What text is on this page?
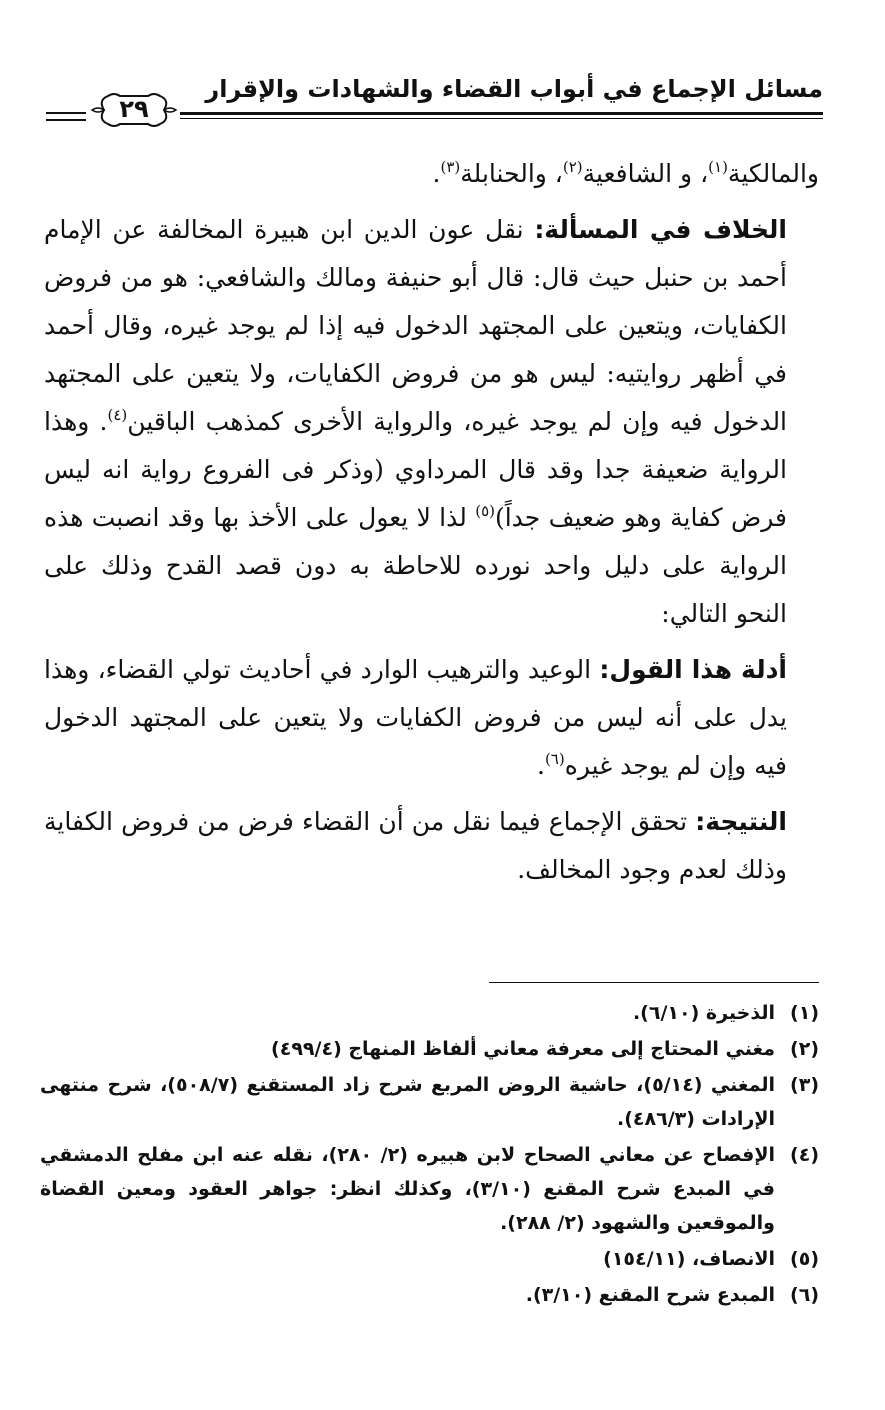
مسائل الإجماع في أبواب القضاء والشهادات والإقرار
٢٩

والمالكية$^{(١)}$، و الشافعية$^{(٢)}$، والحنابلة$^{(٣)}$.

الخلاف في المسألة: نقل عون الدين ابن هبيرة المخالفة عن الإمام أحمد بن حنبل حيث قال: قال أبو حنيفة ومالك والشافعي: هو من فروض الكفايات، ويتعين على المجتهد الدخول فيه إذا لم يوجد غيره، وقال أحمد في أظهر روايتيه: ليس هو من فروض الكفايات، ولا يتعين على المجتهد الدخول فيه وإن لم يوجد غيره، والرواية الأخرى كمذهب الباقين$^{(٤)}$. وهذا الرواية ضعيفة جدا وقد قال المرداوي (وذكر فى الفروع رواية انه ليس فرض كفاية وهو ضعيف جداً)$^{(٥)}$ لذا لا يعول على الأخذ بها وقد انصبت هذه الرواية على دليل واحد نورده للاحاطة به دون قصد القدح وذلك على النحو التالي:

أدلة هذا القول: الوعيد والترهيب الوارد في أحاديث تولي القضاء، وهذا يدل على أنه ليس من فروض الكفايات ولا يتعين على المجتهد الدخول فيه وإن لم يوجد غيره$^{(٦)}$.

النتيجة: تحقق الإجماع فيما نقل من أن القضاء فرض من فروض الكفاية وذلك لعدم وجود المخالف.

(١)
الذخيرة (٦/١٠).
(٢)
مغني المحتاج إلى معرفة معاني ألفاظ المنهاج (٤٩٩/٤)
(٣)
المغني (٥/١٤)، حاشية الروض المربع شرح زاد المستقنع (٥٠٨/٧)، شرح منتهى الإرادات (٤٨٦/٣).
(٤)
الإفصاح عن معاني الصحاح لابن هبيره (٢/ ٢٨٠)، نقله عنه ابن مفلح الدمشقي في المبدع شرح المقنع (٣/١٠)، وكذلك انظر: جواهر العقود ومعين القضاة والموقعين والشهود (٢/ ٢٨٨).
(٥)
الانصاف، (١٥٤/١١)
(٦)
المبدع شرح المقنع (٣/١٠).
